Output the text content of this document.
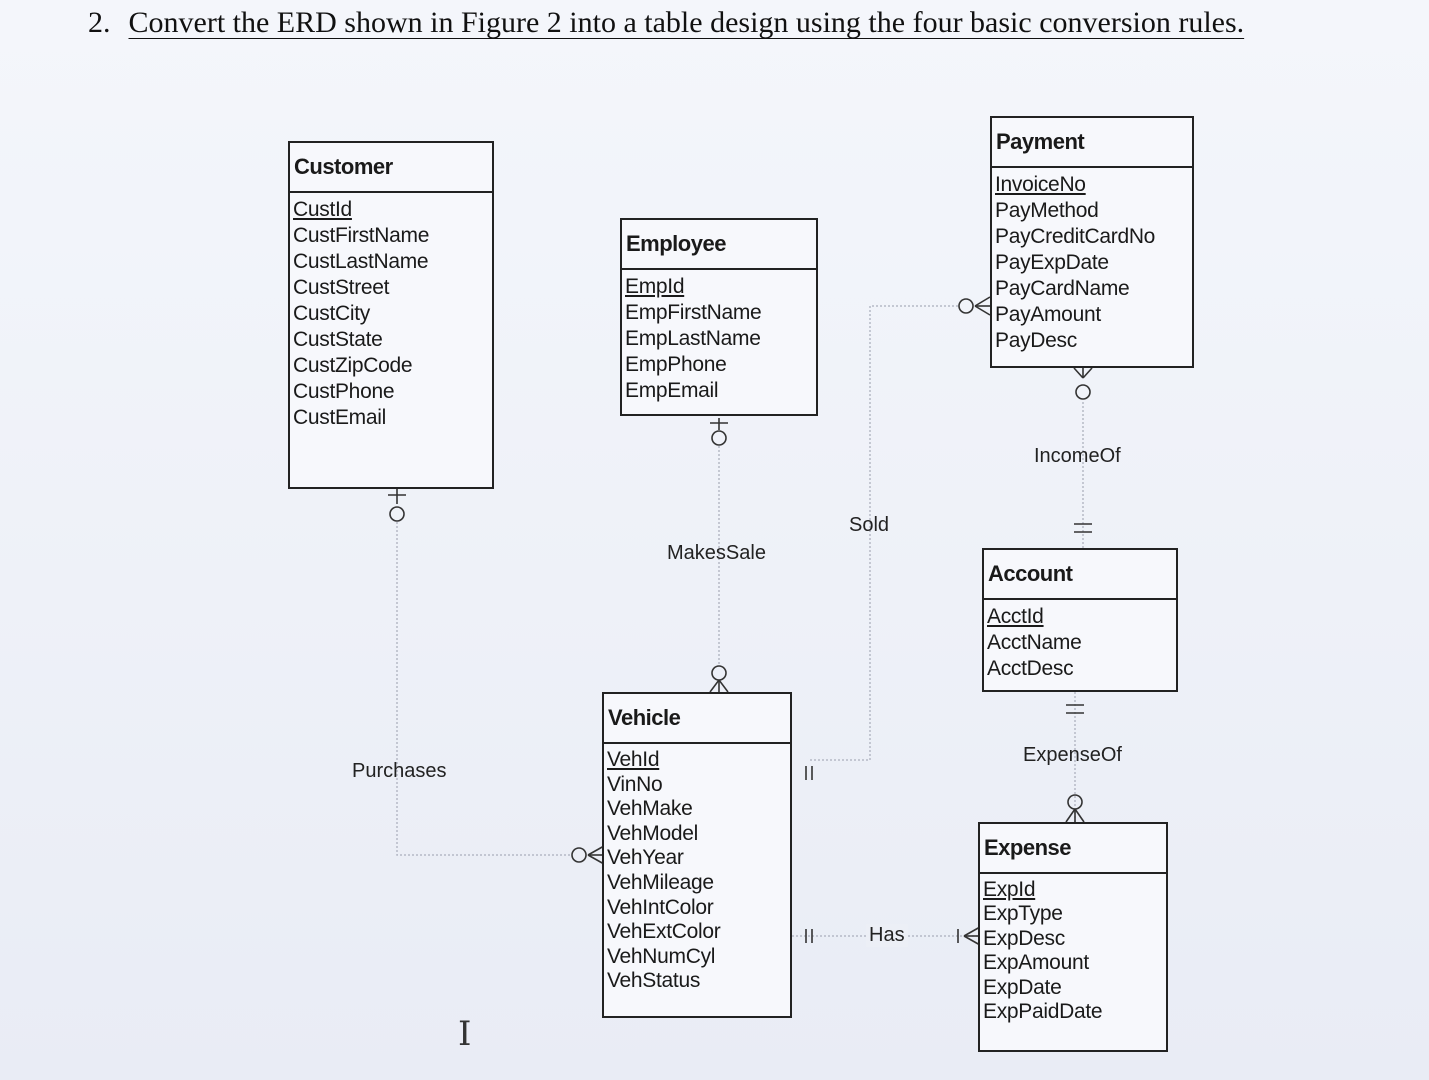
2. Convert the ERD shown in Figure 2 into a table design using the four basic conversion rules.
Customer
CustId
CustFirstName
CustLastName
CustStreet
CustCity
CustState
CustZipCode
CustPhone
CustEmail
Employee
EmpId
EmpFirstName
EmpLastName
EmpPhone
EmpEmail
Payment
InvoiceNo
PayMethod
PayCreditCardNo
PayExpDate
PayCardName
PayAmount
PayDesc
Account
AcctId
AcctName
AcctDesc
Vehicle
VehId
VinNo
VehMake
VehModel
VehYear
VehMileage
VehIntColor
VehExtColor
VehNumCyl
VehStatus
Expense
ExpId
ExpType
ExpDesc
ExpAmount
ExpDate
ExpPaidDate
Purchases
MakesSale
Sold
IncomeOf
ExpenseOf
Has
I
